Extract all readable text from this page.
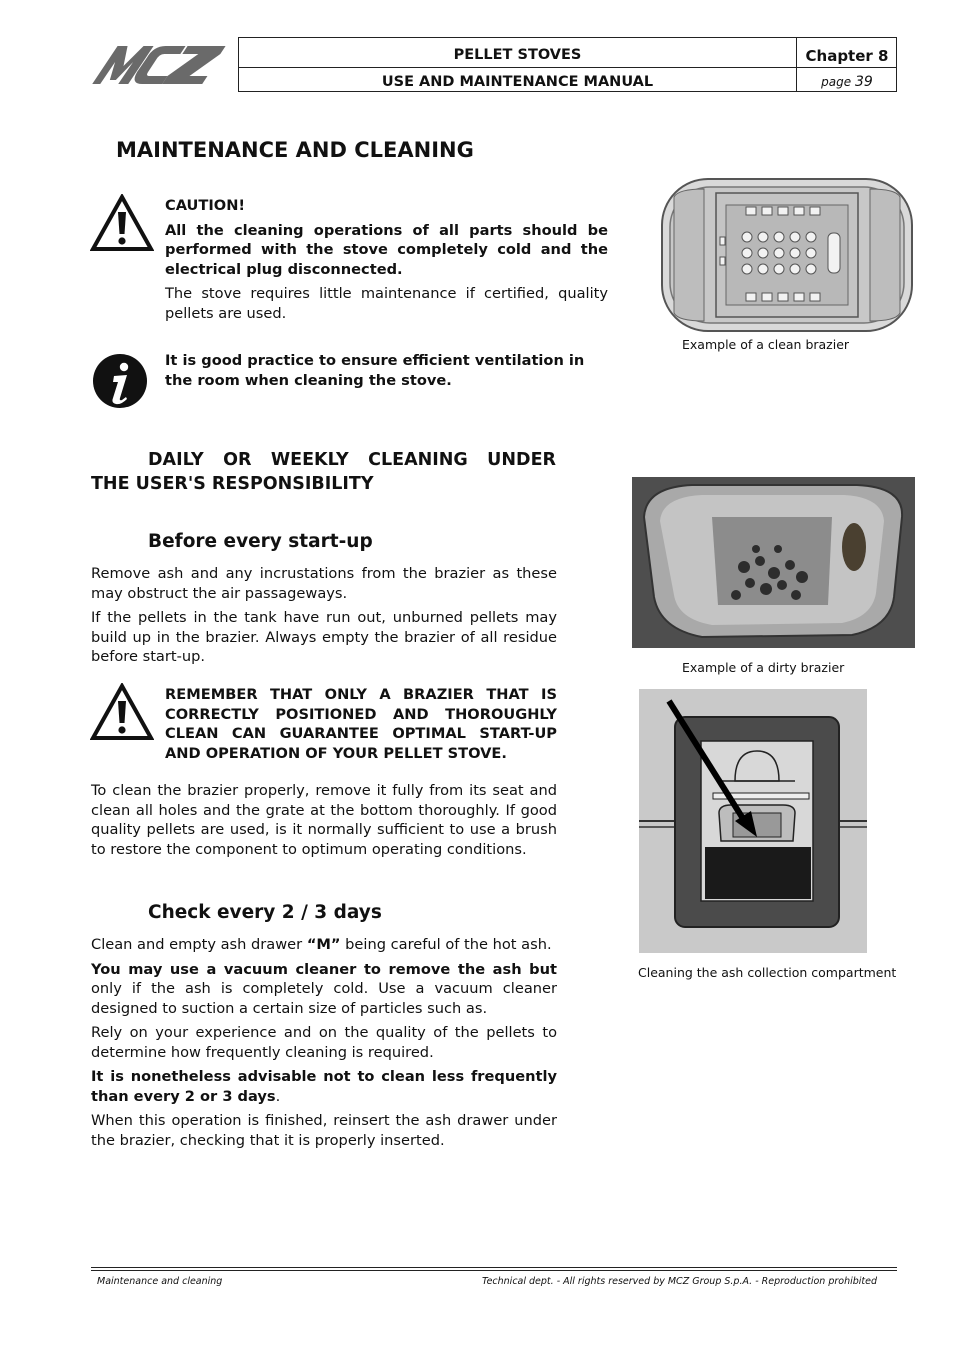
MCZ
PELLET STOVES
USE AND MAINTENANCE MANUAL
Chapter 8
page 39
MAINTENANCE AND CLEANING
CAUTION!
All the cleaning operations of all parts should be performed with the stove completely cold and the electrical plug disconnected.
The stove requires little maintenance if certified, quality pellets are used.
It is good practice to ensure efficient ventilation in the room when cleaning the stove.
DAILY OR WEEKLY CLEANING UNDER
THE USER'S RESPONSIBILITY
Before every start-up
Remove ash and any incrustations from the brazier as these may obstruct the air passageways.
If the pellets in the tank have run out, unburned pellets may build up in the brazier. Always empty the brazier of all residue before start-up.
REMEMBER THAT ONLY A BRAZIER THAT IS CORRECTLY POSITIONED AND THOROUGHLY CLEAN CAN GUARANTEE OPTIMAL START-UP AND OPERATION OF YOUR PELLET STOVE.
To clean the brazier properly, remove it fully from its seat and clean all holes and the grate at the bottom thoroughly. If good quality pellets are used, is it normally sufficient to use a brush to restore the component to optimum operating conditions.
Check every 2 / 3 days
Clean and empty ash drawer “M” being careful of the hot ash.
You may use a vacuum cleaner to remove the ash but only if the ash is completely cold. Use a vacuum cleaner designed to suction a certain size of particles such as.
Rely on your experience and on the quality of the pellets to determine how frequently cleaning is required.
It is nonetheless advisable not to clean less frequently than every 2 or 3 days.
When this operation is finished, reinsert the ash drawer under the brazier, checking that it is properly inserted.
Example of a clean brazier
Example of a dirty brazier
Cleaning the ash collection compartment
Maintenance and cleaning	Technical dept. - All rights reserved by MCZ Group S.p.A. - Reproduction prohibited
